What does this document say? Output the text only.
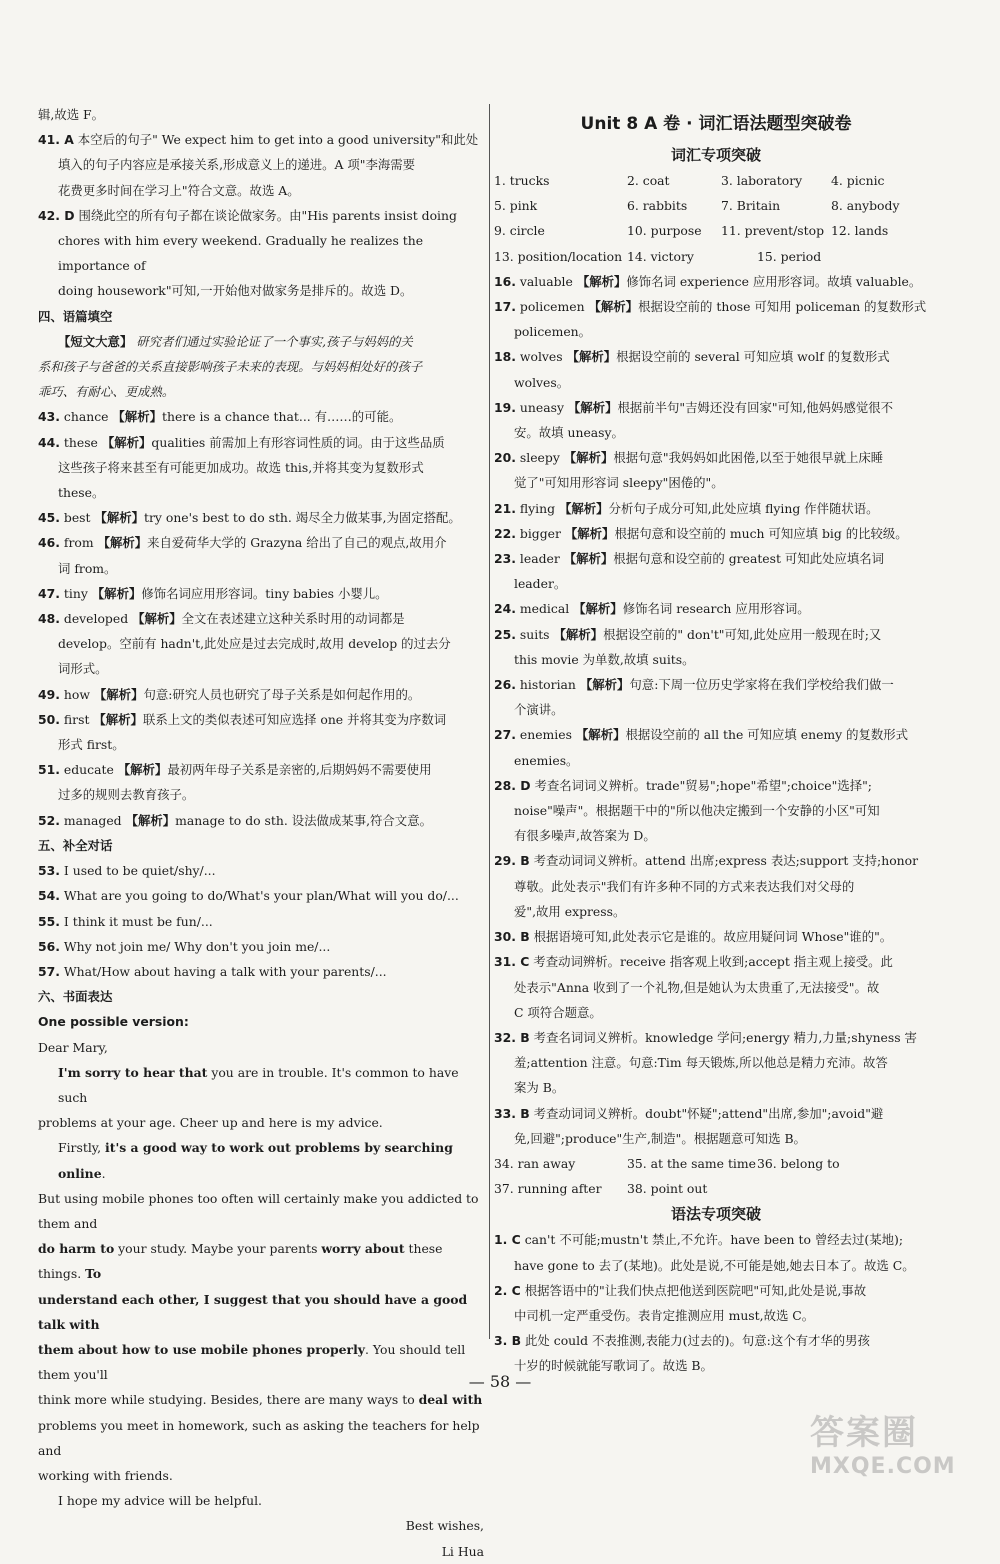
辑,故选 F。

41. A 本空后的句子" We expect him to get into a good university"和此处

填入的句子内容应是承接关系,形成意义上的递进。A 项"李海需要

花费更多时间在学习上"符合文意。故选 A。

42. D 围绕此空的所有句子都在谈论做家务。由"His parents insist doing

chores with him every weekend. Gradually he realizes the importance of

doing housework"可知,一开始他对做家务是排斥的。故选 D。

四、语篇填空

【短文大意】 研究者们通过实验论证了一个事实,孩子与妈妈的关

系和孩子与爸爸的关系直接影响孩子未来的表现。与妈妈相处好的孩子

乖巧、有耐心、更成熟。

43. chance 【解析】there is a chance that... 有……的可能。

44. these 【解析】qualities 前需加上有形容词性质的词。由于这些品质

这些孩子将来甚至有可能更加成功。故选 this,并将其变为复数形式

these。

45. best 【解析】try one's best to do sth. 竭尽全力做某事,为固定搭配。

46. from 【解析】来自爱荷华大学的 Grazyna 给出了自己的观点,故用介

词 from。

47. tiny 【解析】修饰名词应用形容词。tiny babies 小婴儿。

48. developed 【解析】全文在表述建立这种关系时用的动词都是

develop。空前有 hadn't,此处应是过去完成时,故用 develop 的过去分

词形式。

49. how 【解析】句意:研究人员也研究了母子关系是如何起作用的。

50. first 【解析】联系上文的类似表述可知应选择 one 并将其变为序数词

形式 first。

51. educate 【解析】最初两年母子关系是亲密的,后期妈妈不需要使用

过多的规则去教育孩子。

52. managed 【解析】manage to do sth. 设法做成某事,符合文意。

五、补全对话

53. I used to be quiet/shy/...

54. What are you going to do/What's your plan/What will you do/...

55. I think it must be fun/...

56. Why not join me/ Why don't you join me/...

57. What/How about having a talk with your parents/...

六、书面表达

One possible version:

Dear Mary,

I'm sorry to hear that you are in trouble. It's common to have such

problems at your age. Cheer up and here is my advice.

Firstly, it's a good way to work out problems by searching online.

But using mobile phones too often will certainly make you addicted to them and

do harm to your study. Maybe your parents worry about these things. To

understand each other, I suggest that you should have a good talk with

them about how to use mobile phones properly. You should tell them you'll

think more while studying. Besides, there are many ways to deal with

problems you meet in homework, such as asking the teachers for help and

working with friends.

I hope my advice will be helpful.

Best wishes,

Li Hua

Unit 8 A 卷 · 词汇语法题型突破卷

词汇专项突破

1. trucks	2. coat	3. laboratory	4. picnic
5. pink	6. rabbits	7. Britain	8. anybody
9. circle	10. purpose	11. prevent/stop 12. lands
13. position/location 14. victory	15. period

16. valuable 【解析】修饰名词 experience 应用形容词。故填 valuable。

17. policemen 【解析】根据设空前的 those 可知用 policeman 的复数形式

policemen。

18. wolves 【解析】根据设空前的 several 可知应填 wolf 的复数形式

wolves。

19. uneasy 【解析】根据前半句"吉姆还没有回家"可知,他妈妈感觉很不

安。故填 uneasy。

20. sleepy 【解析】根据句意"我妈妈如此困倦,以至于她很早就上床睡

觉了"可知用形容词 sleepy"困倦的"。

21. flying 【解析】分析句子成分可知,此处应填 flying 作伴随状语。

22. bigger 【解析】根据句意和设空前的 much 可知应填 big 的比较级。

23. leader 【解析】根据句意和设空前的 greatest 可知此处应填名词

leader。

24. medical 【解析】修饰名词 research 应用形容词。

25. suits 【解析】根据设空前的" don't"可知,此处应用一般现在时;又

this movie 为单数,故填 suits。

26. historian 【解析】句意:下周一位历史学家将在我们学校给我们做一

个演讲。

27. enemies 【解析】根据设空前的 all the 可知应填 enemy 的复数形式

enemies。

28. D 考查名词词义辨析。trade"贸易";hope"希望";choice"选择";

noise"噪声"。根据题干中的"所以他决定搬到一个安静的小区"可知

有很多噪声,故答案为 D。

29. B 考查动词词义辨析。attend 出席;express 表达;support 支持;honor

尊敬。此处表示"我们有许多种不同的方式来表达我们对父母的

爱",故用 express。

30. B 根据语境可知,此处表示它是谁的。故应用疑问词 Whose"谁的"。

31. C 考查动词辨析。receive 指客观上收到;accept 指主观上接受。此

处表示"Anna 收到了一个礼物,但是她认为太贵重了,无法接受"。故

C 项符合题意。

32. B 考查名词词义辨析。knowledge 学问;energy 精力,力量;shyness 害

羞;attention 注意。句意:Tim 每天锻炼,所以他总是精力充沛。故答

案为 B。

33. B 考查动词词义辨析。doubt"怀疑";attend"出席,参加";avoid"避

免,回避";produce"生产,制造"。根据题意可知选 B。

34. ran away	35. at the same time 36. belong to
37. running after	38. point out

语法专项突破

1. C can't 不可能;mustn't 禁止,不允许。have been to 曾经去过(某地);

have gone to 去了(某地)。此处是说,不可能是她,她去日本了。故选 C。

2. C 根据答语中的"让我们快点把他送到医院吧"可知,此处是说,事故

中司机一定严重受伤。表肯定推测应用 must,故选 C。

3. B 此处 could 不表推测,表能力(过去的)。句意:这个有才华的男孩

十岁的时候就能写歌词了。故选 B。

— 58 —
答案圈
MXQE.COM
